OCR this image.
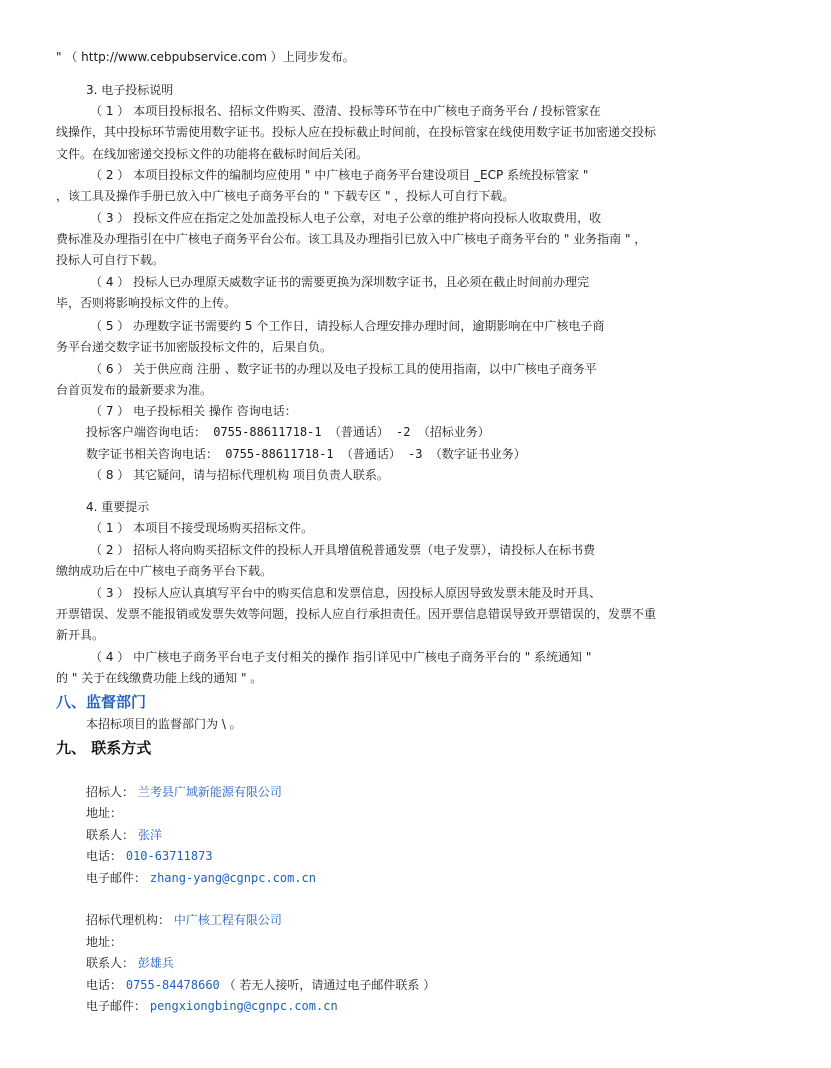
" （ http://www.cebpubservice.com ）上同步发布。
3. 电子投标说明
（ 1 ） 本项目投标报名、招标文件购买、澄清、投标等环节在中广核电子商务平台 / 投标管家在
线操作，其中投标环节需使用数字证书。投标人应在投标截止时间前，在投标管家在线使用数字证书加密递交投标
文件。在线加密递交投标文件的功能将在截标时间后关闭。
（ 2 ） 本项目投标文件的编制均应使用 " 中广核电子商务平台建设项目 _ECP 系统投标管家 "
，该工具及操作手册已放入中广核电子商务平台的 " 下载专区 " ，投标人可自行下载。
（ 3 ） 投标文件应在指定之处加盖投标人电子公章，对电子公章的维护将向投标人收取费用，收
费标准及办理指引在中广核电子商务平台公布。该工具及办理指引已放入中广核电子商务平台的 " 业务指南 " ，
投标人可自行下载。
（ 4 ） 投标人已办理原天威数字证书的需要更换为深圳数字证书，且必须在截止时间前办理完
毕，否则将影响投标文件的上传。
（ 5 ） 办理数字证书需要约 5 个工作日，请投标人合理安排办理时间，逾期影响在中广核电子商
务平台递交数字证书加密版投标文件的，后果自负。
（ 6 ） 关于供应商 注册 、数字证书的办理以及电子投标工具的使用指南，以中广核电子商务平
台首页发布的最新要求为准。
（ 7 ） 电子投标相关 操作 咨询电话：
投标客户端咨询电话： 0755-88611718-1 （普通话） -2 （招标业务）
数字证书相关咨询电话： 0755-88611718-1 （普通话） -3 （数字证书业务）
（ 8 ） 其它疑问，请与招标代理机构 项目负责人联系。
4. 重要提示
（ 1 ） 本项目不接受现场购买招标文件。
（ 2 ） 招标人将向购买招标文件的投标人开具增值税普通发票（电子发票），请投标人在标书费
缴纳成功后在中广核电子商务平台下载。
（ 3 ） 投标人应认真填写平台中的购买信息和发票信息，因投标人原因导致发票未能及时开具、
开票错误、发票不能报销或发票失效等问题，投标人应自行承担责任。因开票信息错误导致开票错误的，发票不重
新开具。
（ 4 ） 中广核电子商务平台电子支付相关的操作 指引详见中广核电子商务平台的 " 系统通知 "
的 " 关于在线缴费功能上线的通知 " 。
八、监督部门
本招标项目的监督部门为 \ 。
九、 联系方式
招标人： 兰考县广域新能源有限公司
地址：
联系人： 张洋
电话： 010-63711873
电子邮件： zhang-yang@cgnpc.com.cn
招标代理机构： 中广核工程有限公司
地址：
联系人： 彭雄兵
电话： 0755-84478660 （ 若无人接听，请通过电子邮件联系 ）
电子邮件： pengxiongbing@cgnpc.com.cn
